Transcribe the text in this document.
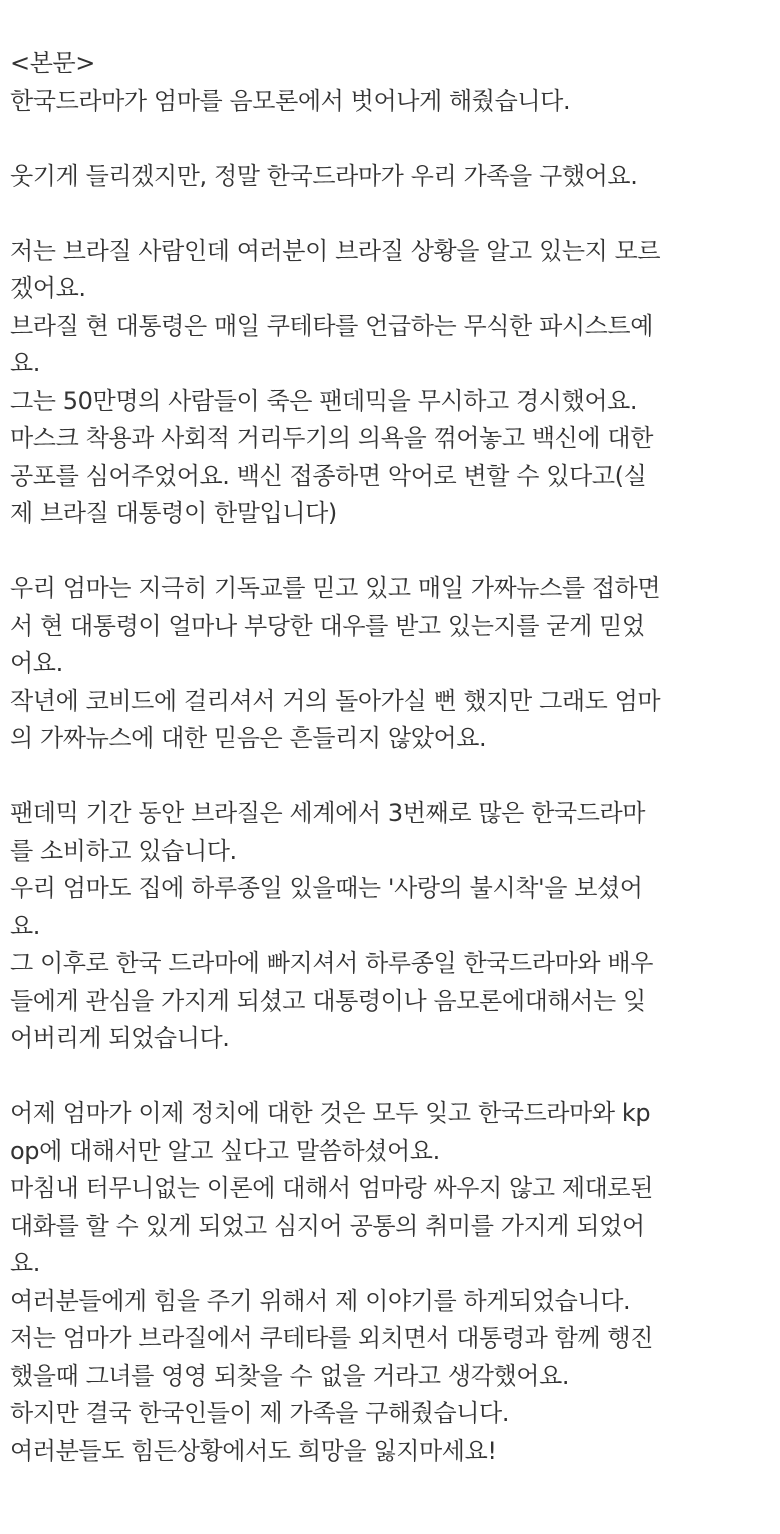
<본문>
한국드라마가 엄마를 음모론에서 벗어나게 해줬습니다.
웃기게 들리겠지만, 정말 한국드라마가 우리 가족을 구했어요.
저는 브라질 사람인데 여러분이 브라질 상황을 알고 있는지 모르
겠어요.
브라질 현 대통령은 매일 쿠테타를 언급하는 무식한 파시스트예
요.
그는 50만명의 사람들이 죽은 팬데믹을 무시하고 경시했어요.
마스크 착용과 사회적 거리두기의 의욕을 꺾어놓고 백신에 대한
공포를 심어주었어요. 백신 접종하면 악어로 변할 수 있다고(실
제 브라질 대통령이 한말입니다)
우리 엄마는 지극히 기독교를 믿고 있고 매일 가짜뉴스를 접하면
서 현 대통령이 얼마나 부당한 대우를 받고 있는지를 굳게 믿었
어요.
작년에 코비드에 걸리셔서 거의 돌아가실 뻔 했지만 그래도 엄마
의 가짜뉴스에 대한 믿음은 흔들리지 않았어요.
팬데믹 기간 동안 브라질은 세계에서 3번째로 많은 한국드라마
를 소비하고 있습니다.
우리 엄마도 집에 하루종일 있을때는 '사랑의 불시착'을 보셨어
요.
그 이후로 한국 드라마에 빠지셔서 하루종일 한국드라마와 배우
들에게 관심을 가지게 되셨고 대통령이나 음모론에대해서는 잊
어버리게 되었습니다.
어제 엄마가 이제 정치에 대한 것은 모두 잊고 한국드라마와 kp
op에 대해서만 알고 싶다고 말씀하셨어요.
마침내 터무니없는 이론에 대해서 엄마랑 싸우지 않고 제대로된
대화를 할 수 있게 되었고 심지어 공통의 취미를 가지게 되었어
요.
여러분들에게 힘을 주기 위해서 제 이야기를 하게되었습니다.
저는 엄마가 브라질에서 쿠테타를 외치면서 대통령과 함께 행진
했을때 그녀를 영영 되찾을 수 없을 거라고 생각했어요.
하지만 결국 한국인들이 제 가족을 구해줬습니다.
여러분들도 힘든상황에서도 희망을 잃지마세요!
